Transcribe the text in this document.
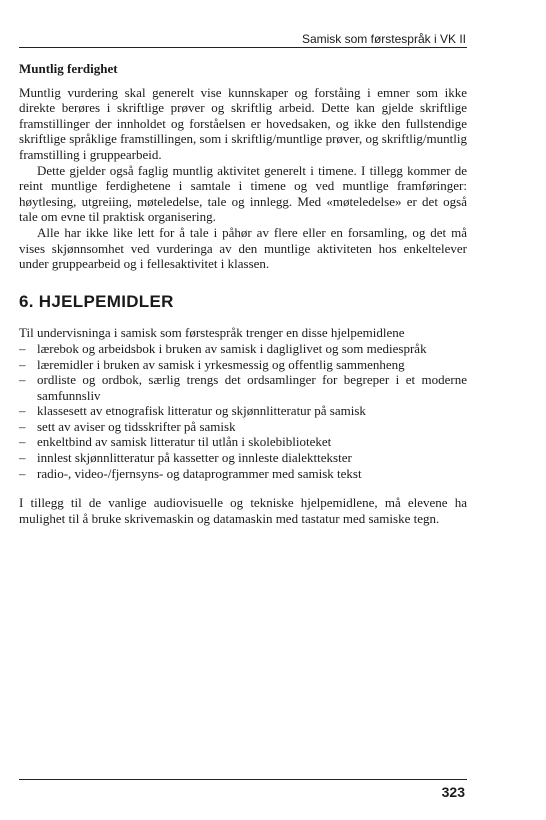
Samisk som førstespråk i VK II

Muntlig ferdighet

Muntlig vurdering skal generelt vise kunnskaper og forståing i emner som ikke direkte berøres i skriftlige prøver og skriftlig arbeid. Dette kan gjelde skriftlige framstillinger der innholdet og forståelsen er hovedsaken, og ikke den fullstendige skriftlige språklige framstillingen, som i skriftlig/muntlige prøver, og skriftlig/muntlig framstilling i gruppearbeid.

Dette gjelder også faglig muntlig aktivitet generelt i timene. I tillegg kommer de reint muntlige ferdighetene i samtale i timene og ved muntlige framføringer: høytlesing, utgreiing, møteledelse, tale og innlegg. Med «møteledelse» er det også tale om evne til praktisk organisering.

Alle har ikke like lett for å tale i påhør av flere eller en forsamling, og det må vises skjønnsomhet ved vurderinga av den muntlige aktiviteten hos enkeltelever under gruppearbeid og i fellesaktivitet i klassen.

6. HJELPEMIDLER

Til undervisninga i samisk som førstespråk trenger en disse hjelpemidlene

– lærebok og arbeidsbok i bruken av samisk i dagliglivet og som mediespråk
– læremidler i bruken av samisk i yrkesmessig og offentlig sammenheng
– ordliste og ordbok, særlig trengs det ordsamlinger for begreper i et moderne samfunnsliv
– klassesett av etnografisk litteratur og skjønnlitteratur på samisk
– sett av aviser og tidsskrifter på samisk
– enkeltbind av samisk litteratur til utlån i skolebiblioteket
– innlest skjønnlitteratur på kassetter og innleste dialekttekster
– radio-, video-/fjernsyns- og dataprogrammer med samisk tekst

I tillegg til de vanlige audiovisuelle og tekniske hjelpemidlene, må elevene ha mulighet til å bruke skrivemaskin og datamaskin med tastatur med samiske tegn.

323
